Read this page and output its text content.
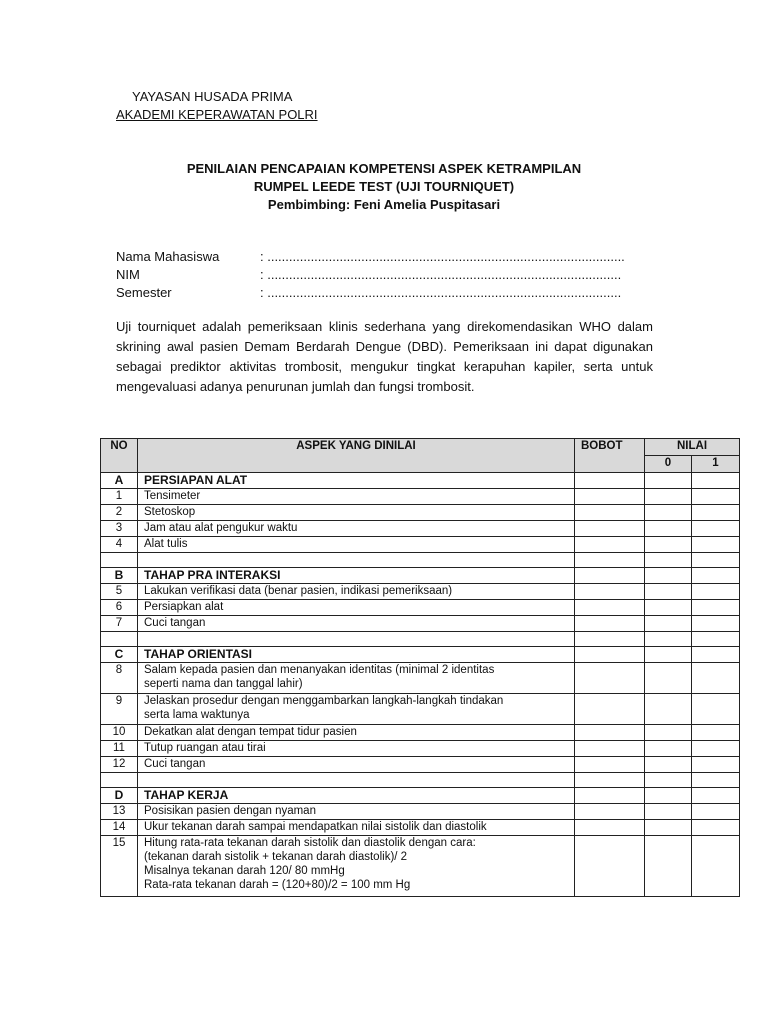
YAYASAN HUSADA PRIMA
AKADEMI KEPERAWATAN POLRI
PENILAIAN PENCAPAIAN KOMPETENSI ASPEK KETRAMPILAN
RUMPEL LEEDE TEST (UJI TOURNIQUET)
Pembimbing: Feni Amelia Puspitasari
Nama Mahasiswa	: ...................................................................................................
NIM	: ..................................................................................................
Semester	: ..................................................................................................
Uji tourniquet adalah pemeriksaan klinis sederhana yang direkomendasikan WHO dalam skrining awal pasien Demam Berdarah Dengue (DBD). Pemeriksaan ini dapat digunakan sebagai prediktor aktivitas trombosit, mengukur tingkat kerapuhan kapiler, serta untuk mengevaluasi adanya penurunan jumlah dan fungsi trombosit.
NO	ASPEK YANG DINILAI	BOBOT	NILAI	
			0	1
A	PERSIAPAN ALAT			
1	Tensimeter			

2	Stetoskop			

3	Jam atau alat pengukur waktu			

4	Alat tulis			

B	TAHAP PRA INTERAKSI			
5	Lakukan verifikasi data (benar pasien, indikasi pemeriksaan)			

6	Persiapkan alat			

7	Cuci tangan			

C	TAHAP ORIENTASI			
8	Salam kepada pasien dan menanyakan identitas (minimal 2 identitas
seperti nama dan tanggal lahir)			

9	Jelaskan prosedur dengan menggambarkan langkah-langkah tindakan
serta lama waktunya			

10	Dekatkan alat dengan tempat tidur pasien			

11	Tutup ruangan atau tirai			

12	Cuci tangan			

D	TAHAP KERJA			
13	Posisikan pasien dengan nyaman			

14	Ukur tekanan darah sampai mendapatkan nilai sistolik dan diastolik			

15	Hitung rata-rata tekanan darah sistolik dan diastolik dengan cara:
(tekanan darah sistolik + tekanan darah diastolik)/ 2
Misalnya tekanan darah 120/ 80 mmHg
Rata-rata tekanan darah = (120+80)/2 = 100 mm Hg			
